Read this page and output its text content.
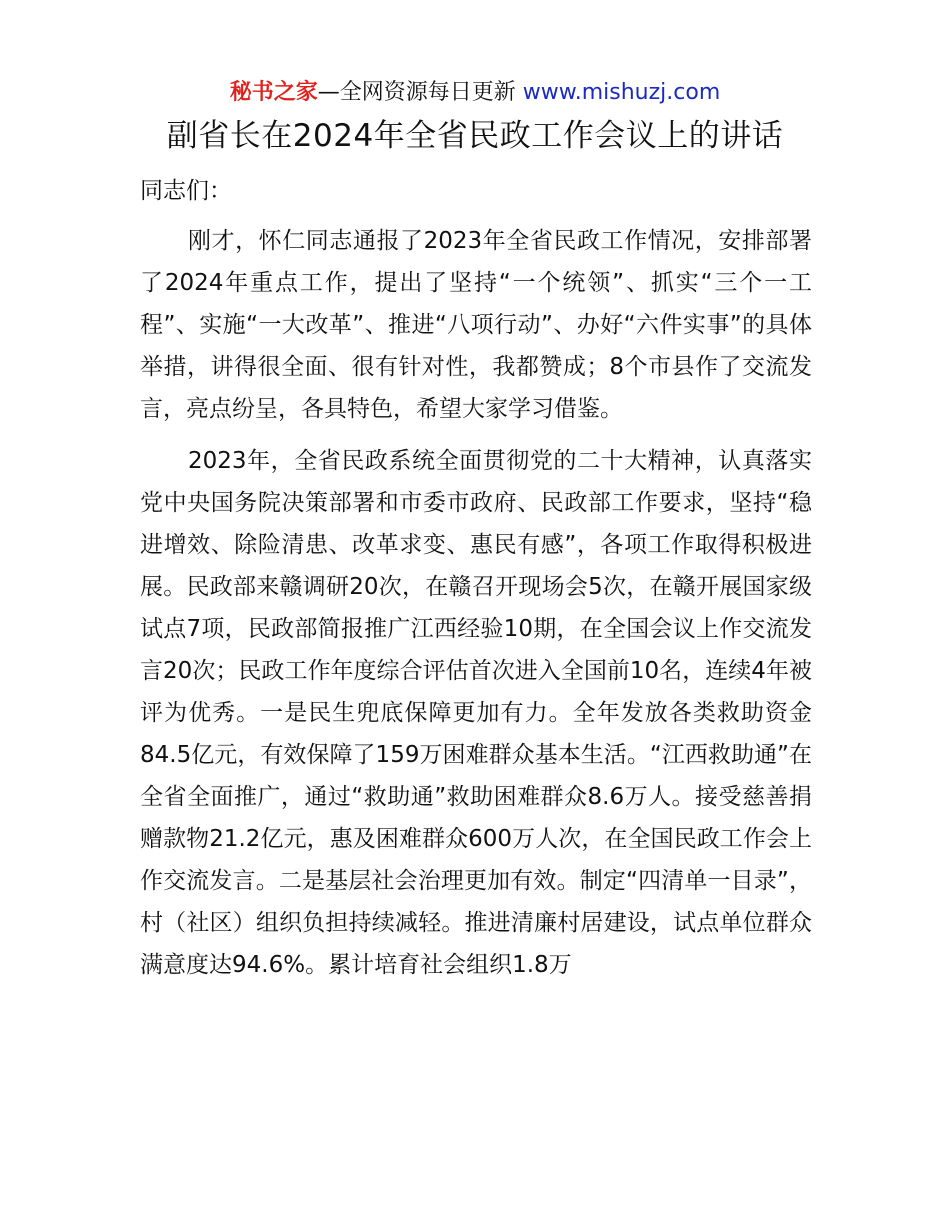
秘书之家—全网资源每日更新 www.mishuzj.com
副省长在2024年全省民政工作会议上的讲话

同志们：

刚才，怀仁同志通报了2023年全省民政工作情况，安排部署了2024年重点工作，提出了坚持“一个统领”、抓实“三个一工程”、实施“一大改革”、推进“八项行动”、办好“六件实事”的具体举措，讲得很全面、很有针对性，我都赞成；8个市县作了交流发言，亮点纷呈，各具特色，希望大家学习借鉴。

2023年，全省民政系统全面贯彻党的二十大精神，认真落实党中央国务院决策部署和市委市政府、民政部工作要求，坚持“稳进增效、除险清患、改革求变、惠民有感”，各项工作取得积极进展。民政部来赣调研20次，在赣召开现场会5次，在赣开展国家级试点7项，民政部简报推广江西经验10期，在全国会议上作交流发言20次；民政工作年度综合评估首次进入全国前10名，连续4年被评为优秀。一是民生兜底保障更加有力。全年发放各类救助资金84.5亿元，有效保障了159万困难群众基本生活。“江西救助通”在全省全面推广，通过“救助通”救助困难群众8.6万人。接受慈善捐赠款物21.2亿元，惠及困难群众600万人次，在全国民政工作会上作交流发言。二是基层社会治理更加有效。制定“四清单一目录”，村（社区）组织负担持续减轻。推进清廉村居建设，试点单位群众满意度达94.6%。累计培育社会组织1.8万
